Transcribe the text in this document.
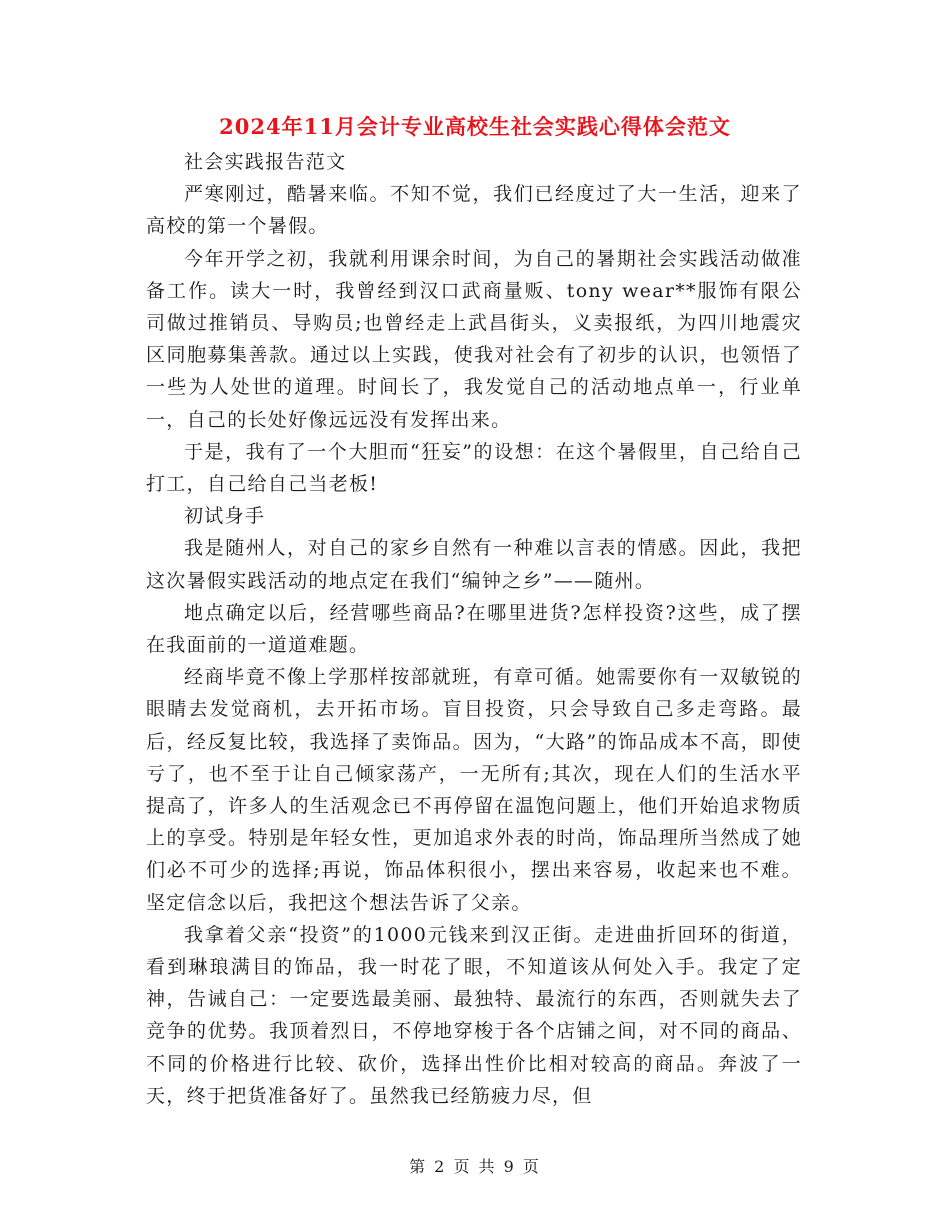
2024年11月会计专业高校生社会实践心得体会范文

社会实践报告范文

严寒刚过，酷暑来临。不知不觉，我们已经度过了大一生活，迎来了高校的第一个暑假。

今年开学之初，我就利用课余时间，为自己的暑期社会实践活动做准备工作。读大一时，我曾经到汉口武商量贩、tony wear**服饰有限公司做过推销员、导购员;也曾经走上武昌街头，义卖报纸，为四川地震灾区同胞募集善款。通过以上实践，使我对社会有了初步的认识，也领悟了一些为人处世的道理。时间长了，我发觉自己的活动地点单一，行业单一，自己的长处好像远远没有发挥出来。

于是，我有了一个大胆而“狂妄”的设想：在这个暑假里，自己给自己打工，自己给自己当老板!

初试身手

我是随州人，对自己的家乡自然有一种难以言表的情感。因此，我把这次暑假实践活动的地点定在我们“编钟之乡”——随州。

地点确定以后，经营哪些商品?在哪里进货?怎样投资?这些，成了摆在我面前的一道道难题。

经商毕竟不像上学那样按部就班，有章可循。她需要你有一双敏锐的眼睛去发觉商机，去开拓市场。盲目投资，只会导致自己多走弯路。最后，经反复比较，我选择了卖饰品。因为，“大路”的饰品成本不高，即使亏了，也不至于让自己倾家荡产，一无所有;其次，现在人们的生活水平提高了，许多人的生活观念已不再停留在温饱问题上，他们开始追求物质上的享受。特别是年轻女性，更加追求外表的时尚，饰品理所当然成了她们必不可少的选择;再说，饰品体积很小，摆出来容易，收起来也不难。坚定信念以后，我把这个想法告诉了父亲。

我拿着父亲“投资”的1000元钱来到汉正街。走进曲折回环的街道，看到琳琅满目的饰品，我一时花了眼，不知道该从何处入手。我定了定神，告诫自己：一定要选最美丽、最独特、最流行的东西，否则就失去了竞争的优势。我顶着烈日，不停地穿梭于各个店铺之间，对不同的商品、不同的价格进行比较、砍价，选择出性价比相对较高的商品。奔波了一天，终于把货准备好了。虽然我已经筋疲力尽，但

第 2 页 共 9 页
